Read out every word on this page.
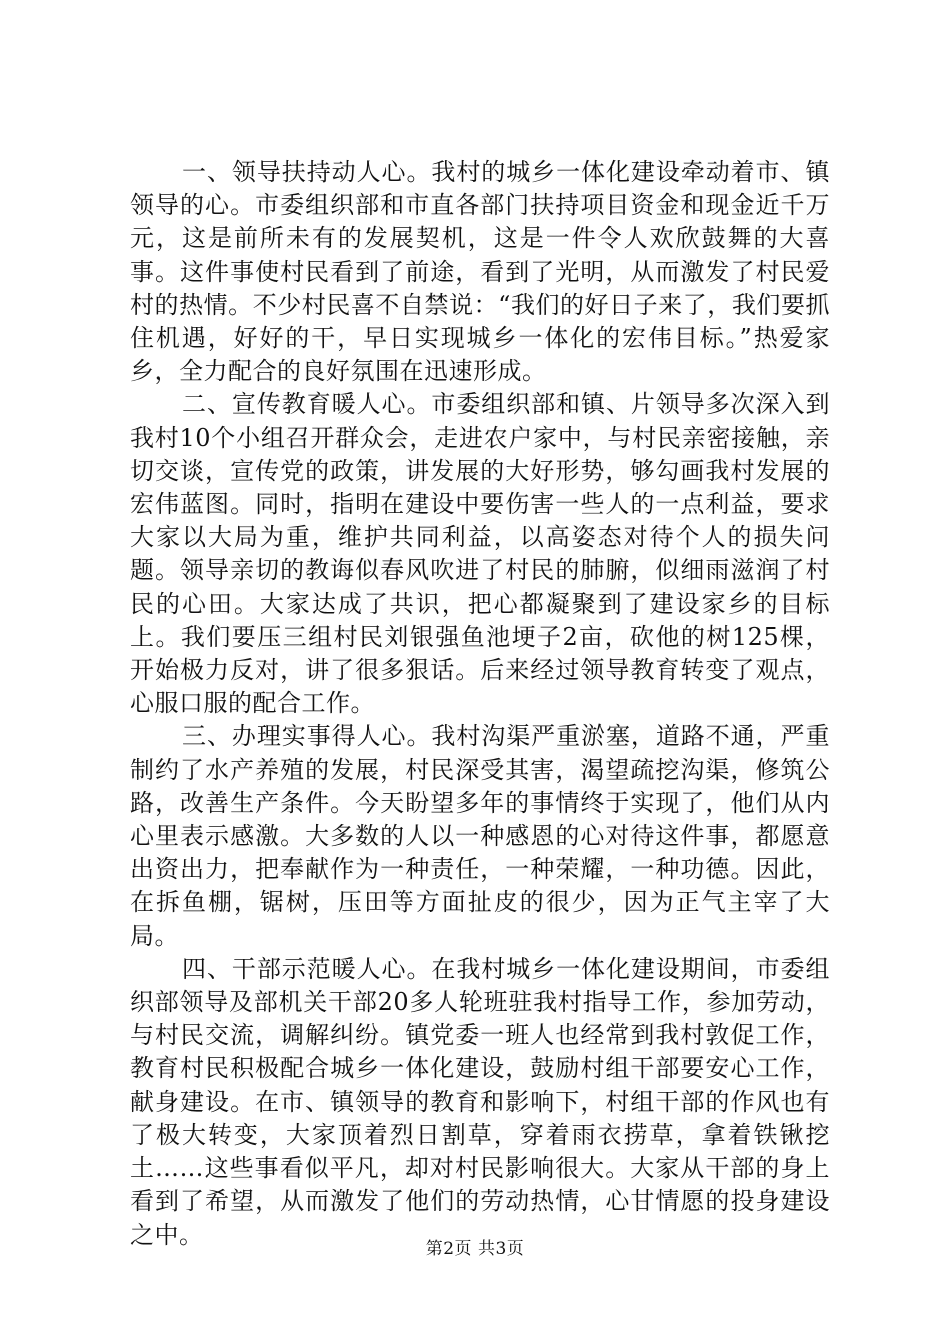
一、领导扶持动人心。我村的城乡一体化建设牵动着市、镇领导的心。市委组织部和市直各部门扶持项目资金和现金近千万元，这是前所未有的发展契机，这是一件令人欢欣鼓舞的大喜事。这件事使村民看到了前途，看到了光明，从而激发了村民爱村的热情。不少村民喜不自禁说：“我们的好日子来了，我们要抓住机遇，好好的干，早日实现城乡一体化的宏伟目标。”热爱家乡，全力配合的良好氛围在迅速形成。

二、宣传教育暖人心。市委组织部和镇、片领导多次深入到我村10个小组召开群众会，走进农户家中，与村民亲密接触，亲切交谈，宣传党的政策，讲发展的大好形势，够勾画我村发展的宏伟蓝图。同时，指明在建设中要伤害一些人的一点利益，要求大家以大局为重，维护共同利益，以高姿态对待个人的损失问题。领导亲切的教诲似春风吹进了村民的肺腑，似细雨滋润了村民的心田。大家达成了共识，把心都凝聚到了建设家乡的目标上。我们要压三组村民刘银强鱼池埂子2亩，砍他的树125棵，开始极力反对，讲了很多狠话。后来经过领导教育转变了观点，心服口服的配合工作。

三、办理实事得人心。我村沟渠严重淤塞，道路不通，严重制约了水产养殖的发展，村民深受其害，渴望疏挖沟渠，修筑公路，改善生产条件。今天盼望多年的事情终于实现了，他们从内心里表示感激。大多数的人以一种感恩的心对待这件事，都愿意出资出力，把奉献作为一种责任，一种荣耀，一种功德。因此，在拆鱼棚，锯树，压田等方面扯皮的很少，因为正气主宰了大局。

四、干部示范暖人心。在我村城乡一体化建设期间，市委组织部领导及部机关干部20多人轮班驻我村指导工作，参加劳动，与村民交流，调解纠纷。镇党委一班人也经常到我村敦促工作，教育村民积极配合城乡一体化建设，鼓励村组干部要安心工作，献身建设。在市、镇领导的教育和影响下，村组干部的作风也有了极大转变，大家顶着烈日割草，穿着雨衣捞草，拿着铁锹挖土……这些事看似平凡，却对村民影响很大。大家从干部的身上看到了希望，从而激发了他们的劳动热情，心甘情愿的投身建设之中。

第2页 共3页
